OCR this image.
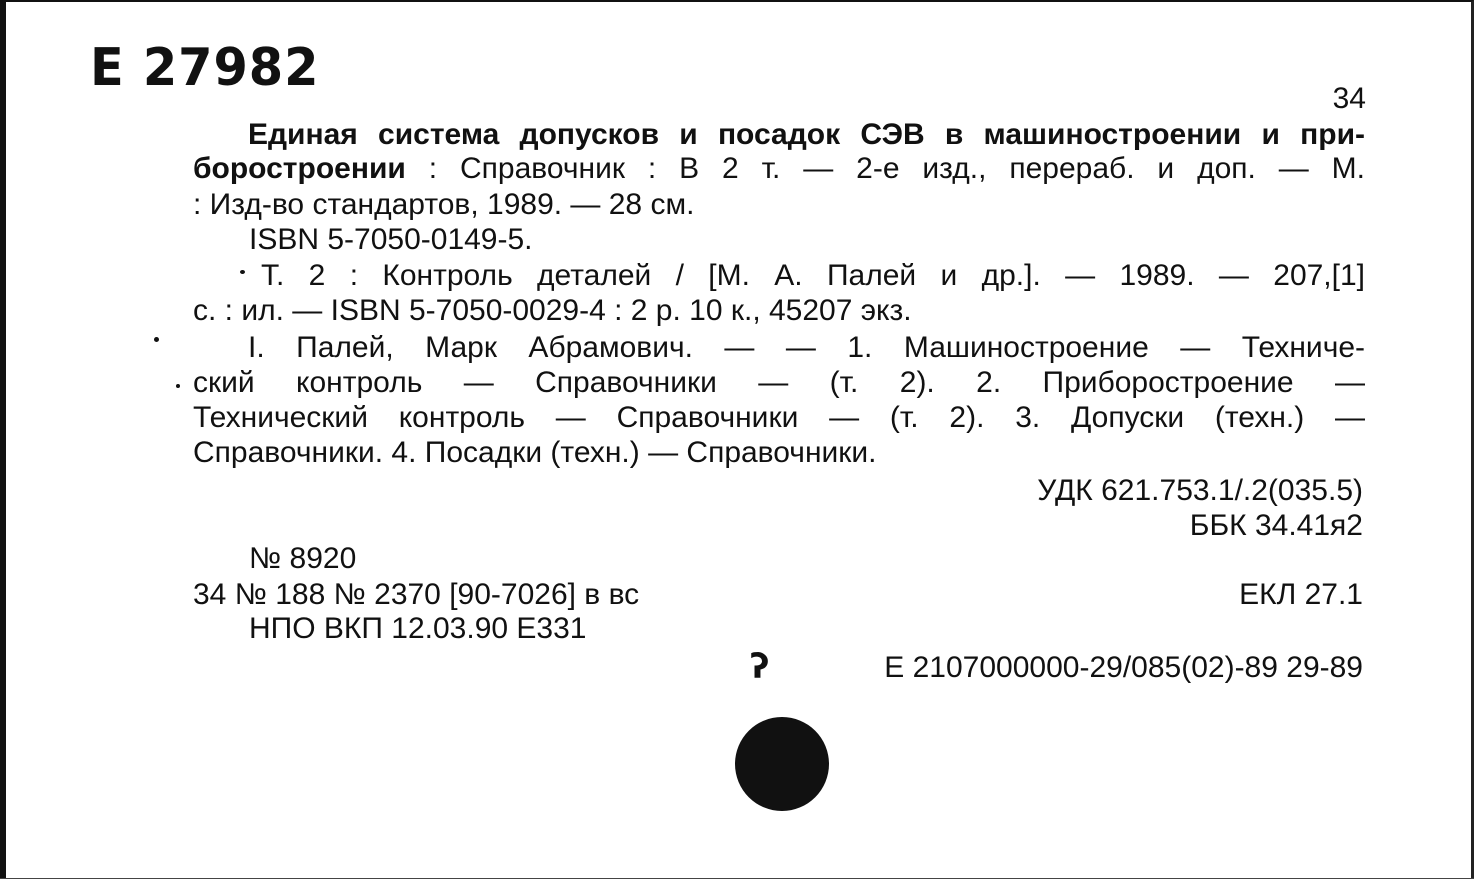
Е 27982
34
Единая система допусков и посадок СЭВ в машиностроении и при-
боростроении : Справочник : В 2 т. — 2-е изд., перераб. и доп. — М.
: Изд-во стандартов, 1989. — 28 см.
ISBN 5-7050-0149-5.
Т. 2 : Контроль деталей / [М. А. Палей и др.]. — 1989. — 207,[1]
с. : ил. — ISBN 5-7050-0029-4 : 2 р. 10 к., 45207 экз.
I. Палей, Марк Абрамович. — — 1. Машиностроение — Техниче-
ский контроль — Справочники — (т. 2). 2. Приборостроение —
Технический контроль — Справочники — (т. 2). 3. Допуски (техн.) —
Справочники. 4. Посадки (техн.) — Справочники.
УДК 621.753.1/.2(035.5)
ББК 34.41я2
№ 8920
34 № 188 № 2370 [90-7026] в вс	ЕКЛ 27.1
НПО ВКП 12.03.90 Е331
ʔ	Е 2107000000-29/085(02)-89 29-89
